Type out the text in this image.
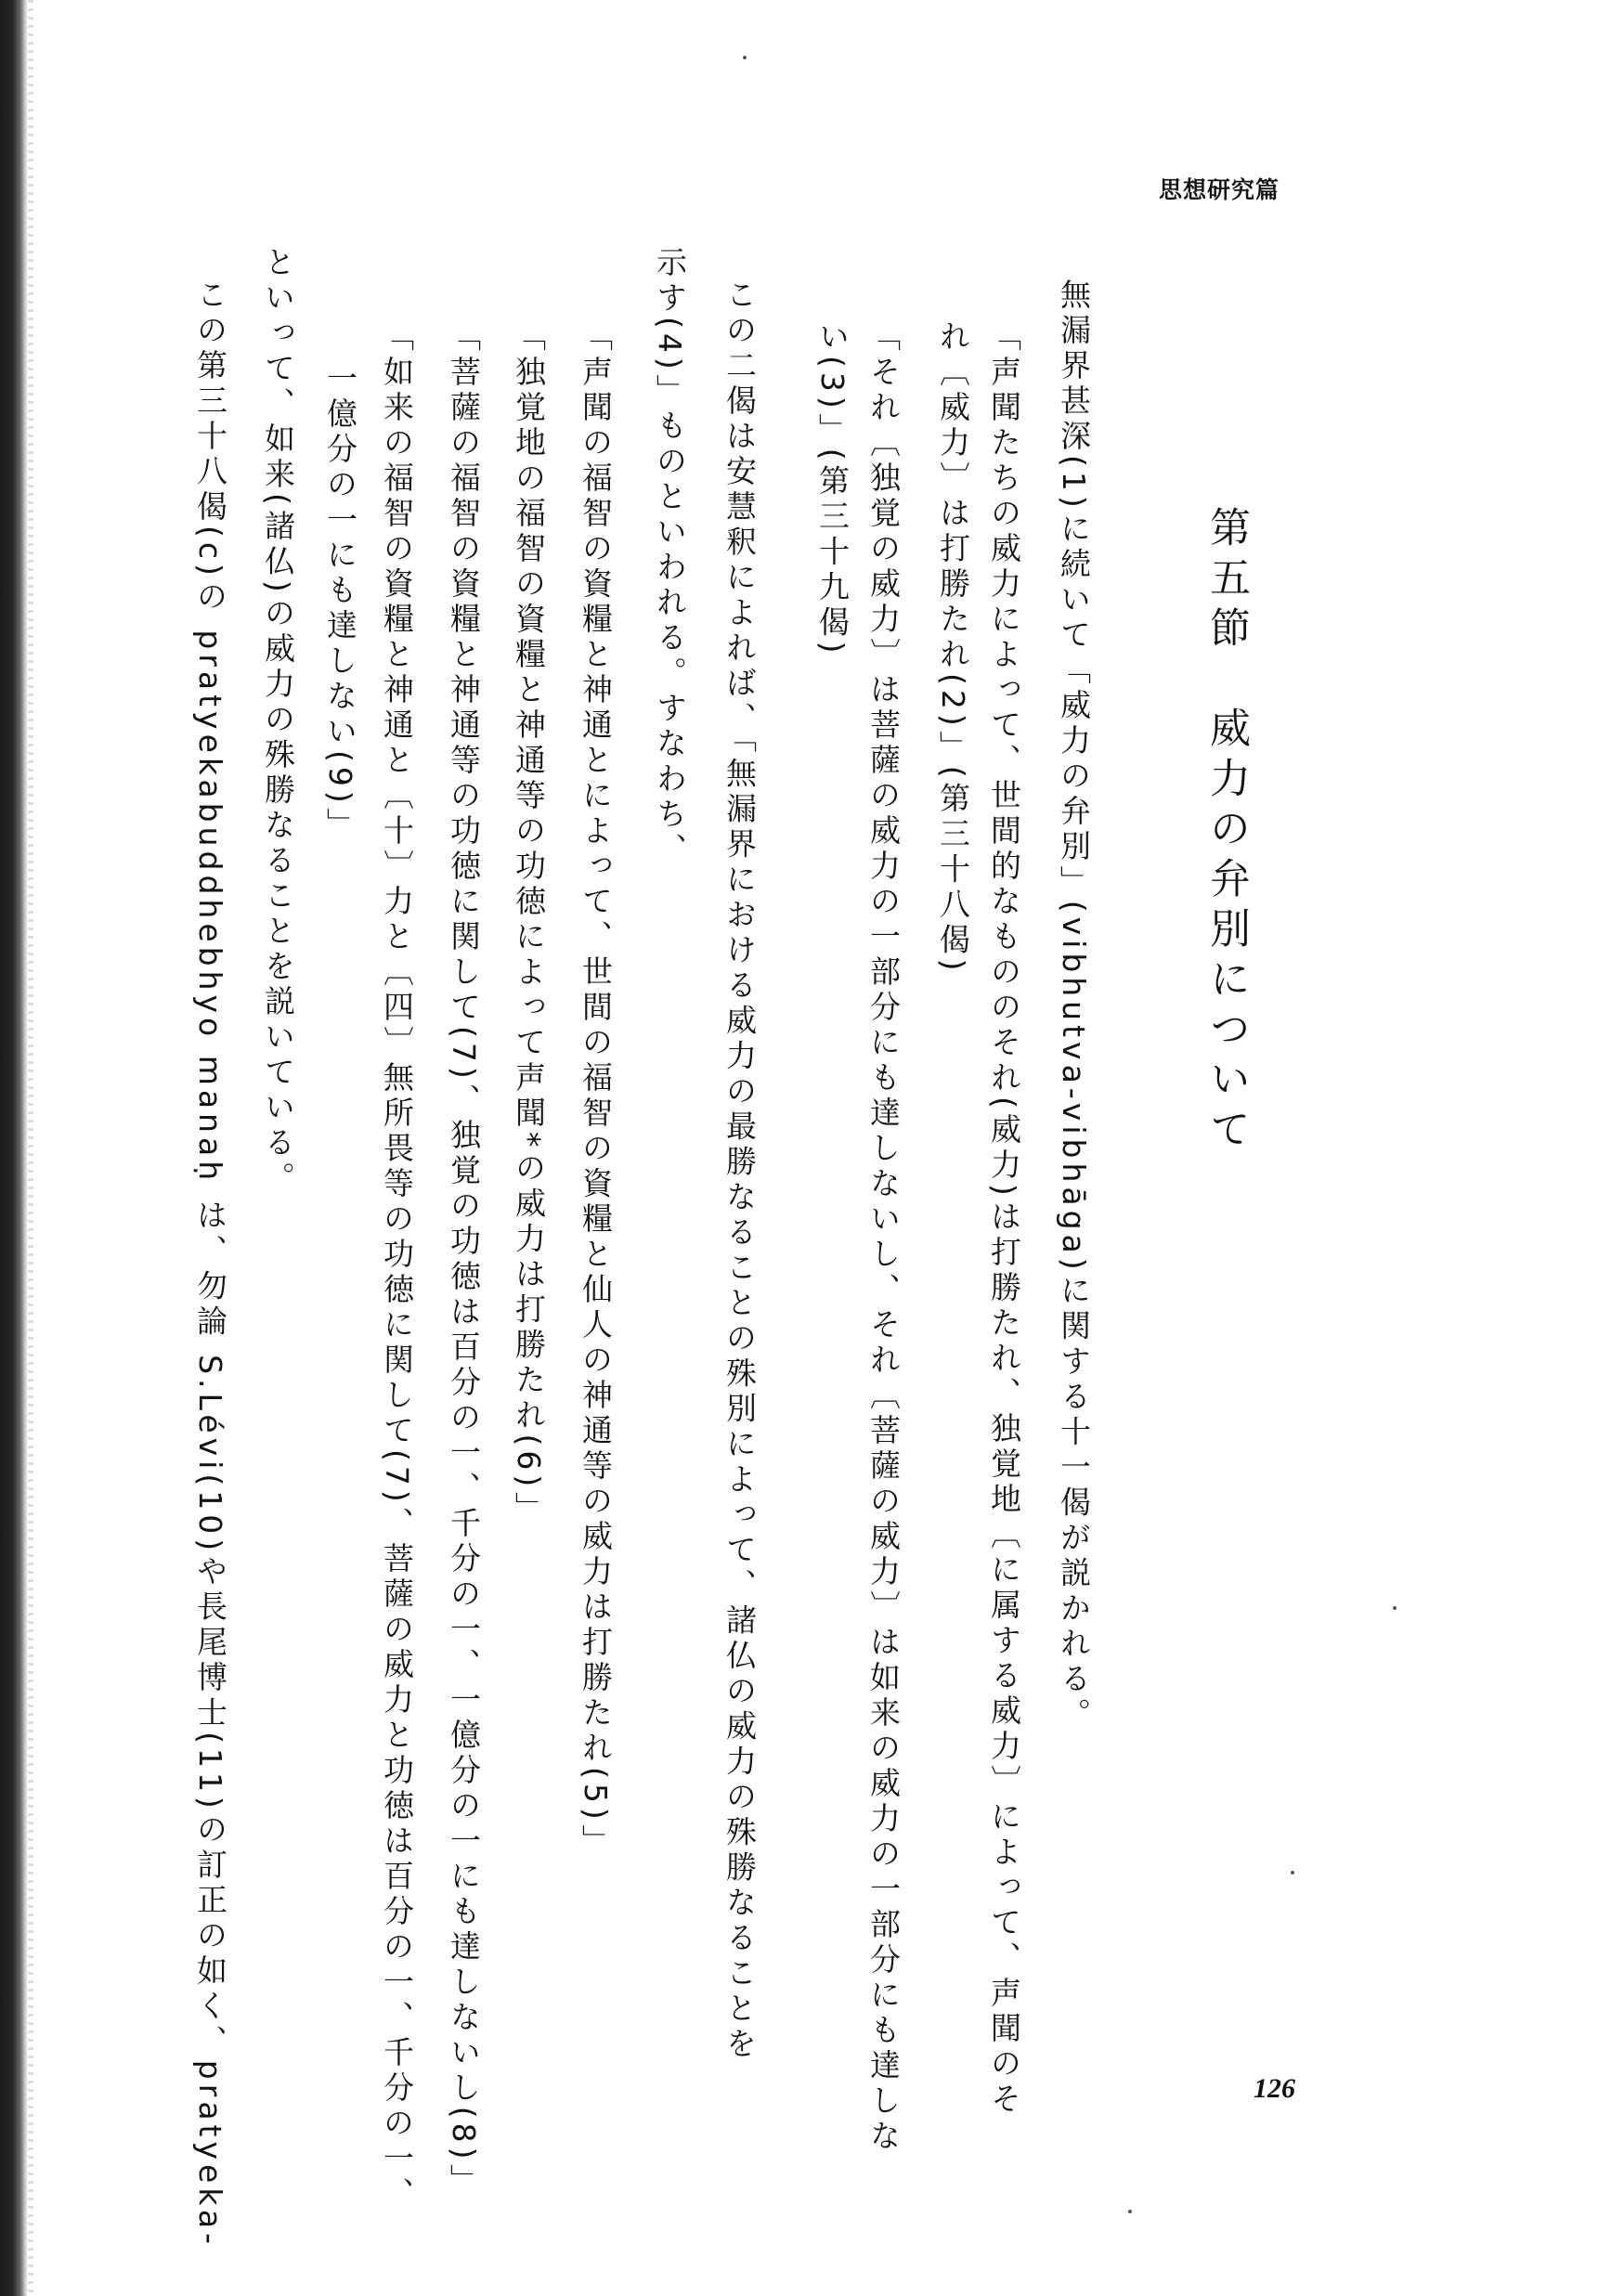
思想研究篇
第五節　威力の弁別について
無漏界甚深(1)に続いて「威力の弁別」(vibhutva-vibhāga)に関する十一偈が説かれる。
「声聞たちの威力によって、世間的なもののそれ(威力)は打勝たれ、独覚地〔に属する威力〕によって、声聞のそ
れ〔威力〕は打勝たれ(2)」(第三十八偈)
「それ〔独覚の威力〕は菩薩の威力の一部分にも達しないし、それ〔菩薩の威力〕は如来の威力の一部分にも達しな
い(3)」(第三十九偈)
この二偈は安慧釈によれば、「無漏界における威力の最勝なることの殊別によって、諸仏の威力の殊勝なることを
示す(4)」ものといわれる。すなわち、
「声聞の福智の資糧と神通とによって、世間の福智の資糧と仙人の神通等の威力は打勝たれ(5)」
「独覚地の福智の資糧と神通等の功徳によって声聞*の威力は打勝たれ(6)」
「菩薩の福智の資糧と神通等の功徳に関して(7)、独覚の功徳は百分の一、千分の一、一億分の一にも達しないし(8)」
「如来の福智の資糧と神通と〔十〕力と〔四〕無所畏等の功徳に関して(7)、菩薩の威力と功徳は百分の一、千分の一、
一億分の一にも達しない(9)」
といって、如来(諸仏)の威力の殊勝なることを説いている。
この第三十八偈(c)の pratyekabuddhebhyo manaḥ は、勿論 S.Lévi(10)や長尾博士(11)の訂正の如く、pratyeka-	126
